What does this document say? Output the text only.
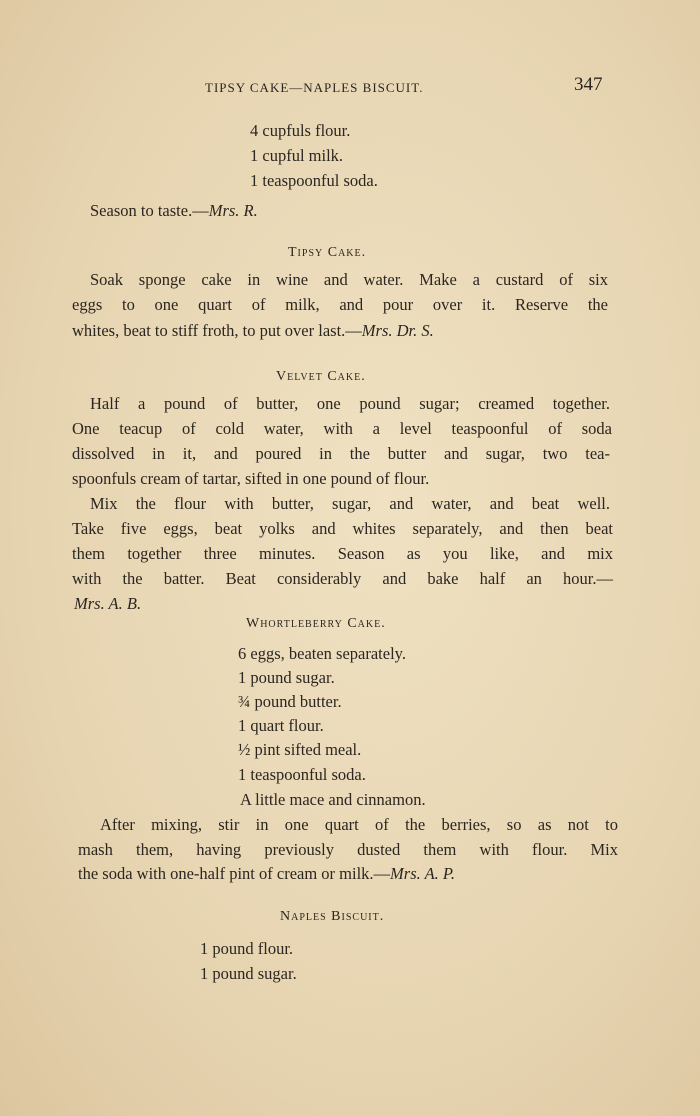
TIPSY CAKE—NAPLES BISCUIT.	347
4 cupfuls flour.
1 cupful milk.
1 teaspoonful soda.
Season to taste.—Mrs. R.
Tipsy Cake.
Soak sponge cake in wine and water. Make a custard of six
eggs to one quart of milk, and pour over it. Reserve the
whites, beat to stiff froth, to put over last.—Mrs. Dr. S.
Velvet Cake.
Half a pound of butter, one pound sugar; creamed together.
One teacup of cold water, with a level teaspoonful of soda
dissolved in it, and poured in the butter and sugar, two tea-
spoonfuls cream of tartar, sifted in one pound of flour.
Mix the flour with butter, sugar, and water, and beat well.
Take five eggs, beat yolks and whites separately, and then beat
them together three minutes. Season as you like, and mix
with the batter. Beat considerably and bake half an hour.—
Mrs. A. B.
Whortleberry Cake.
6 eggs, beaten separately.
1 pound sugar.
¾ pound butter.
1 quart flour.
½ pint sifted meal.
1 teaspoonful soda.
A little mace and cinnamon.
After mixing, stir in one quart of the berries, so as not to
mash them, having previously dusted them with flour. Mix
the soda with one-half pint of cream or milk.—Mrs. A. P.
Naples Biscuit.
1 pound flour.
1 pound sugar.
